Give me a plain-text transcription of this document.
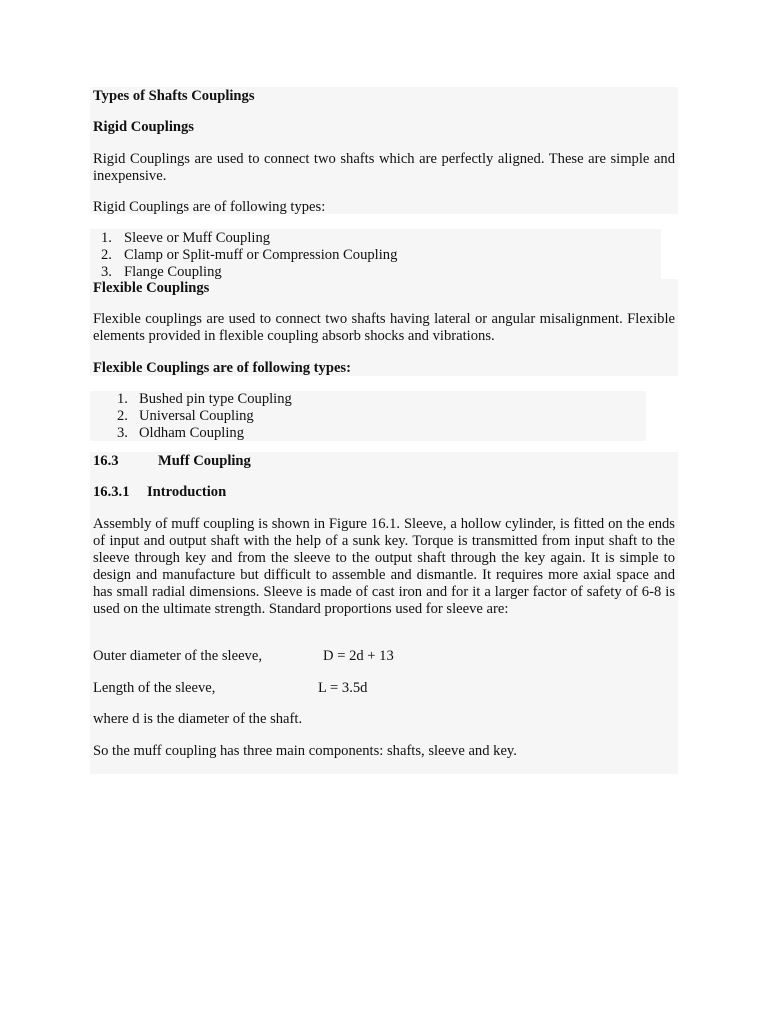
Types of Shafts Couplings

Rigid Couplings

Rigid Couplings are used to connect two shafts which are perfectly aligned. These are simple and inexpensive.

Rigid Couplings are of following types:

1. Sleeve or Muff Coupling
2. Clamp or Split-muff or Compression Coupling
3. Flange Coupling

Flexible Couplings

Flexible couplings are used to connect two shafts having lateral or angular misalignment. Flexible elements provided in flexible coupling absorb shocks and vibrations.

Flexible Couplings are of following types:

1. Bushed pin type Coupling
2. Universal Coupling
3. Oldham Coupling

16.3	Muff Coupling

16.3.1 Introduction

Assembly of muff coupling is shown in Figure 16.1. Sleeve, a hollow cylinder, is fitted on the ends of input and output shaft with the help of a sunk key. Torque is transmitted from input shaft to the sleeve through key and from the sleeve to the output shaft through the key again. It is simple to design and manufacture but difficult to assemble and dismantle. It requires more axial space and has small radial dimensions. Sleeve is made of cast iron and for it a larger factor of safety of 6-8 is used on the ultimate strength. Standard proportions used for sleeve are:

Outer diameter of the sleeve,	D = 2d + 13

Length of the sleeve,	L = 3.5d

where d is the diameter of the shaft.

So the muff coupling has three main components: shafts, sleeve and key.
